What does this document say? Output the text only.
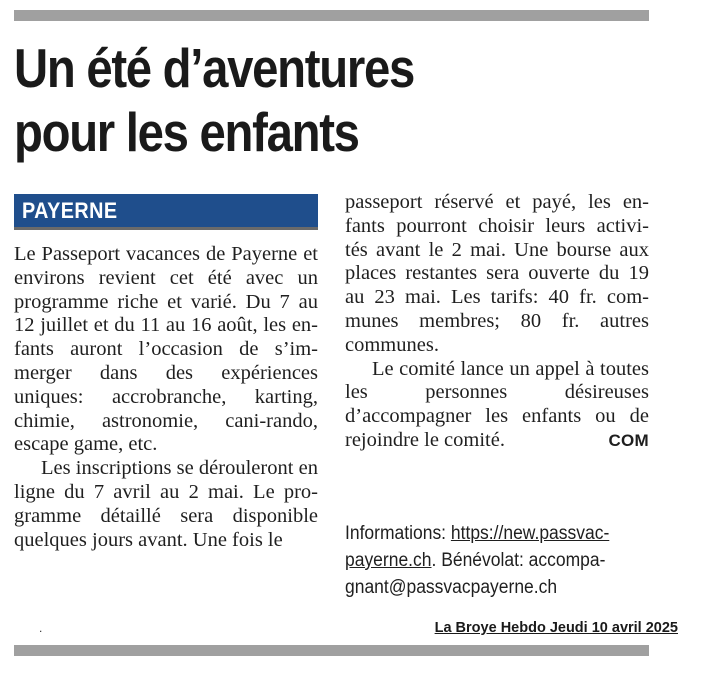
Un été d’aventures
pour les enfants
PAYERNE

Le Passeport vacances de Payerne et environs revient cet été avec un programme riche et varié. Du 7 au 12 juillet et du 11 au 16 août, les en- fants auront l’occasion de s’im- merger dans des expériences uniques: accrobranche, karting, chimie, astronomie, cani-rando, escape game, etc.

Les inscriptions se dérouleront en ligne du 7 avril au 2 mai. Le pro- gramme détaillé sera disponible quelques jours avant. Une fois le

passeport réservé et payé, les en- fants pourront choisir leurs activi- tés avant le 2 mai. Une bourse aux places restantes sera ouverte du 19 au 23 mai. Les tarifs: 40 fr. com- munes membres; 80 fr. autres communes.

Le comité lance un appel à toutes les personnes désireuses d’accompagner les enfants ou de rejoindre le comité.	COM

Informations: https://new.passvac-
payerne.ch. Bénévolat: accompa-
gnant@passvacpayerne.ch
.	La Broye Hebdo Jeudi 10 avril 2025
